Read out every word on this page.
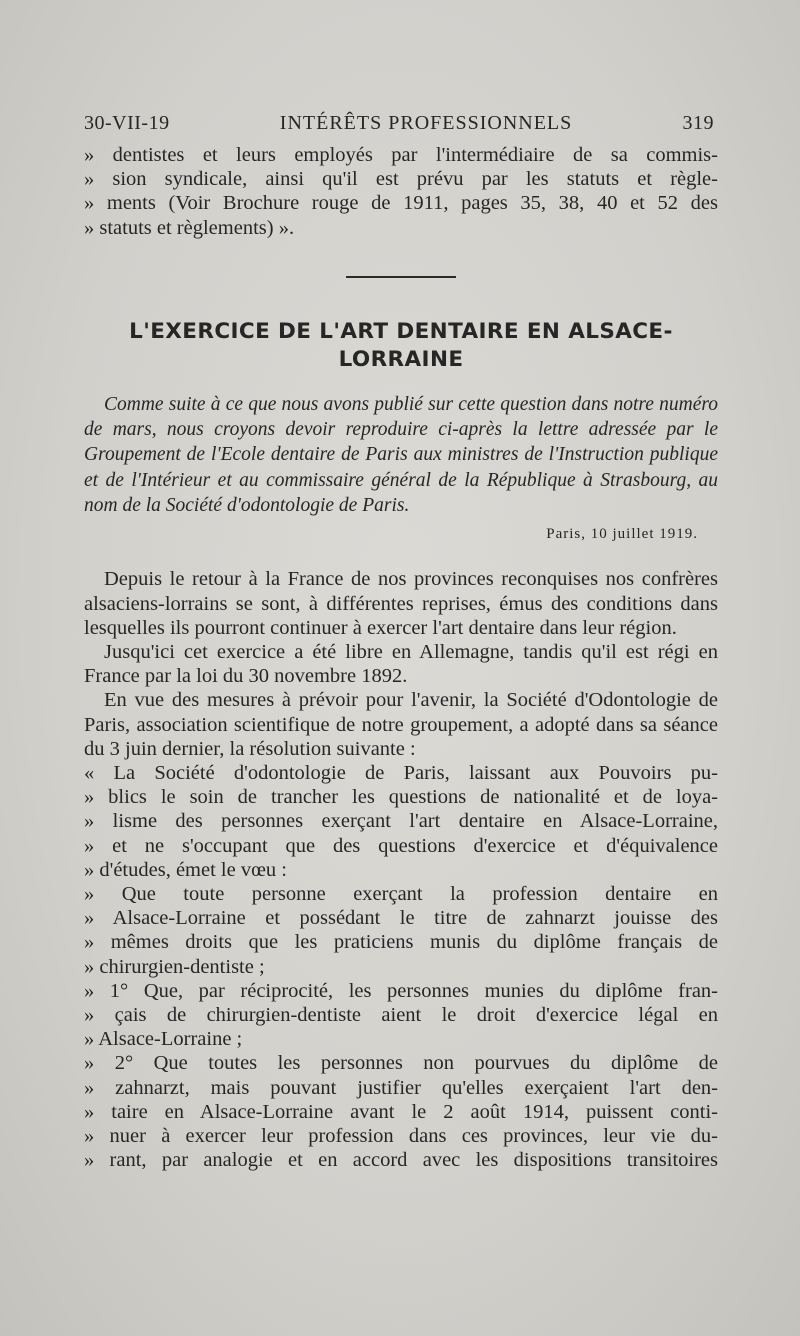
30-VII-19	INTÉRÊTS PROFESSIONNELS	319

» dentistes et leurs employés par l'intermédiaire de sa commis-

» sion syndicale, ainsi qu'il est prévu par les statuts et règle-

» ments (Voir Brochure rouge de 1911, pages 35, 38, 40 et 52 des

» statuts et règlements) ».

L'EXERCICE DE L'ART DENTAIRE EN ALSACE-LORRAINE

Comme suite à ce que nous avons publié sur cette question dans notre numéro de mars, nous croyons devoir reproduire ci-après la lettre adressée par le Groupement de l'Ecole dentaire de Paris aux ministres de l'Instruction publique et de l'Intérieur et au commissaire général de la République à Strasbourg, au nom de la Société d'odontologie de Paris.

Paris, 10 juillet 1919.

Depuis le retour à la France de nos provinces reconquises nos confrères alsaciens-lorrains se sont, à différentes reprises, émus des conditions dans lesquelles ils pourront continuer à exercer l'art dentaire dans leur région.

Jusqu'ici cet exercice a été libre en Allemagne, tandis qu'il est régi en France par la loi du 30 novembre 1892.

En vue des mesures à prévoir pour l'avenir, la Société d'Odontologie de Paris, association scientifique de notre groupement, a adopté dans sa séance du 3 juin dernier, la résolution suivante :

« La Société d'odontologie de Paris, laissant aux Pouvoirs pu-

» blics le soin de trancher les questions de nationalité et de loya-

» lisme des personnes exerçant l'art dentaire en Alsace-Lorraine,

» et ne s'occupant que des questions d'exercice et d'équivalence

» d'études, émet le vœu :

» Que toute personne exerçant la profession dentaire en

» Alsace-Lorraine et possédant le titre de zahnarzt jouisse des

» mêmes droits que les praticiens munis du diplôme français de

» chirurgien-dentiste ;

» 1° Que, par réciprocité, les personnes munies du diplôme fran-

» çais de chirurgien-dentiste aient le droit d'exercice légal en

» Alsace-Lorraine ;

» 2° Que toutes les personnes non pourvues du diplôme de

» zahnarzt, mais pouvant justifier qu'elles exerçaient l'art den-

» taire en Alsace-Lorraine avant le 2 août 1914, puissent conti-

» nuer à exercer leur profession dans ces provinces, leur vie du-

» rant, par analogie et en accord avec les dispositions transitoires
